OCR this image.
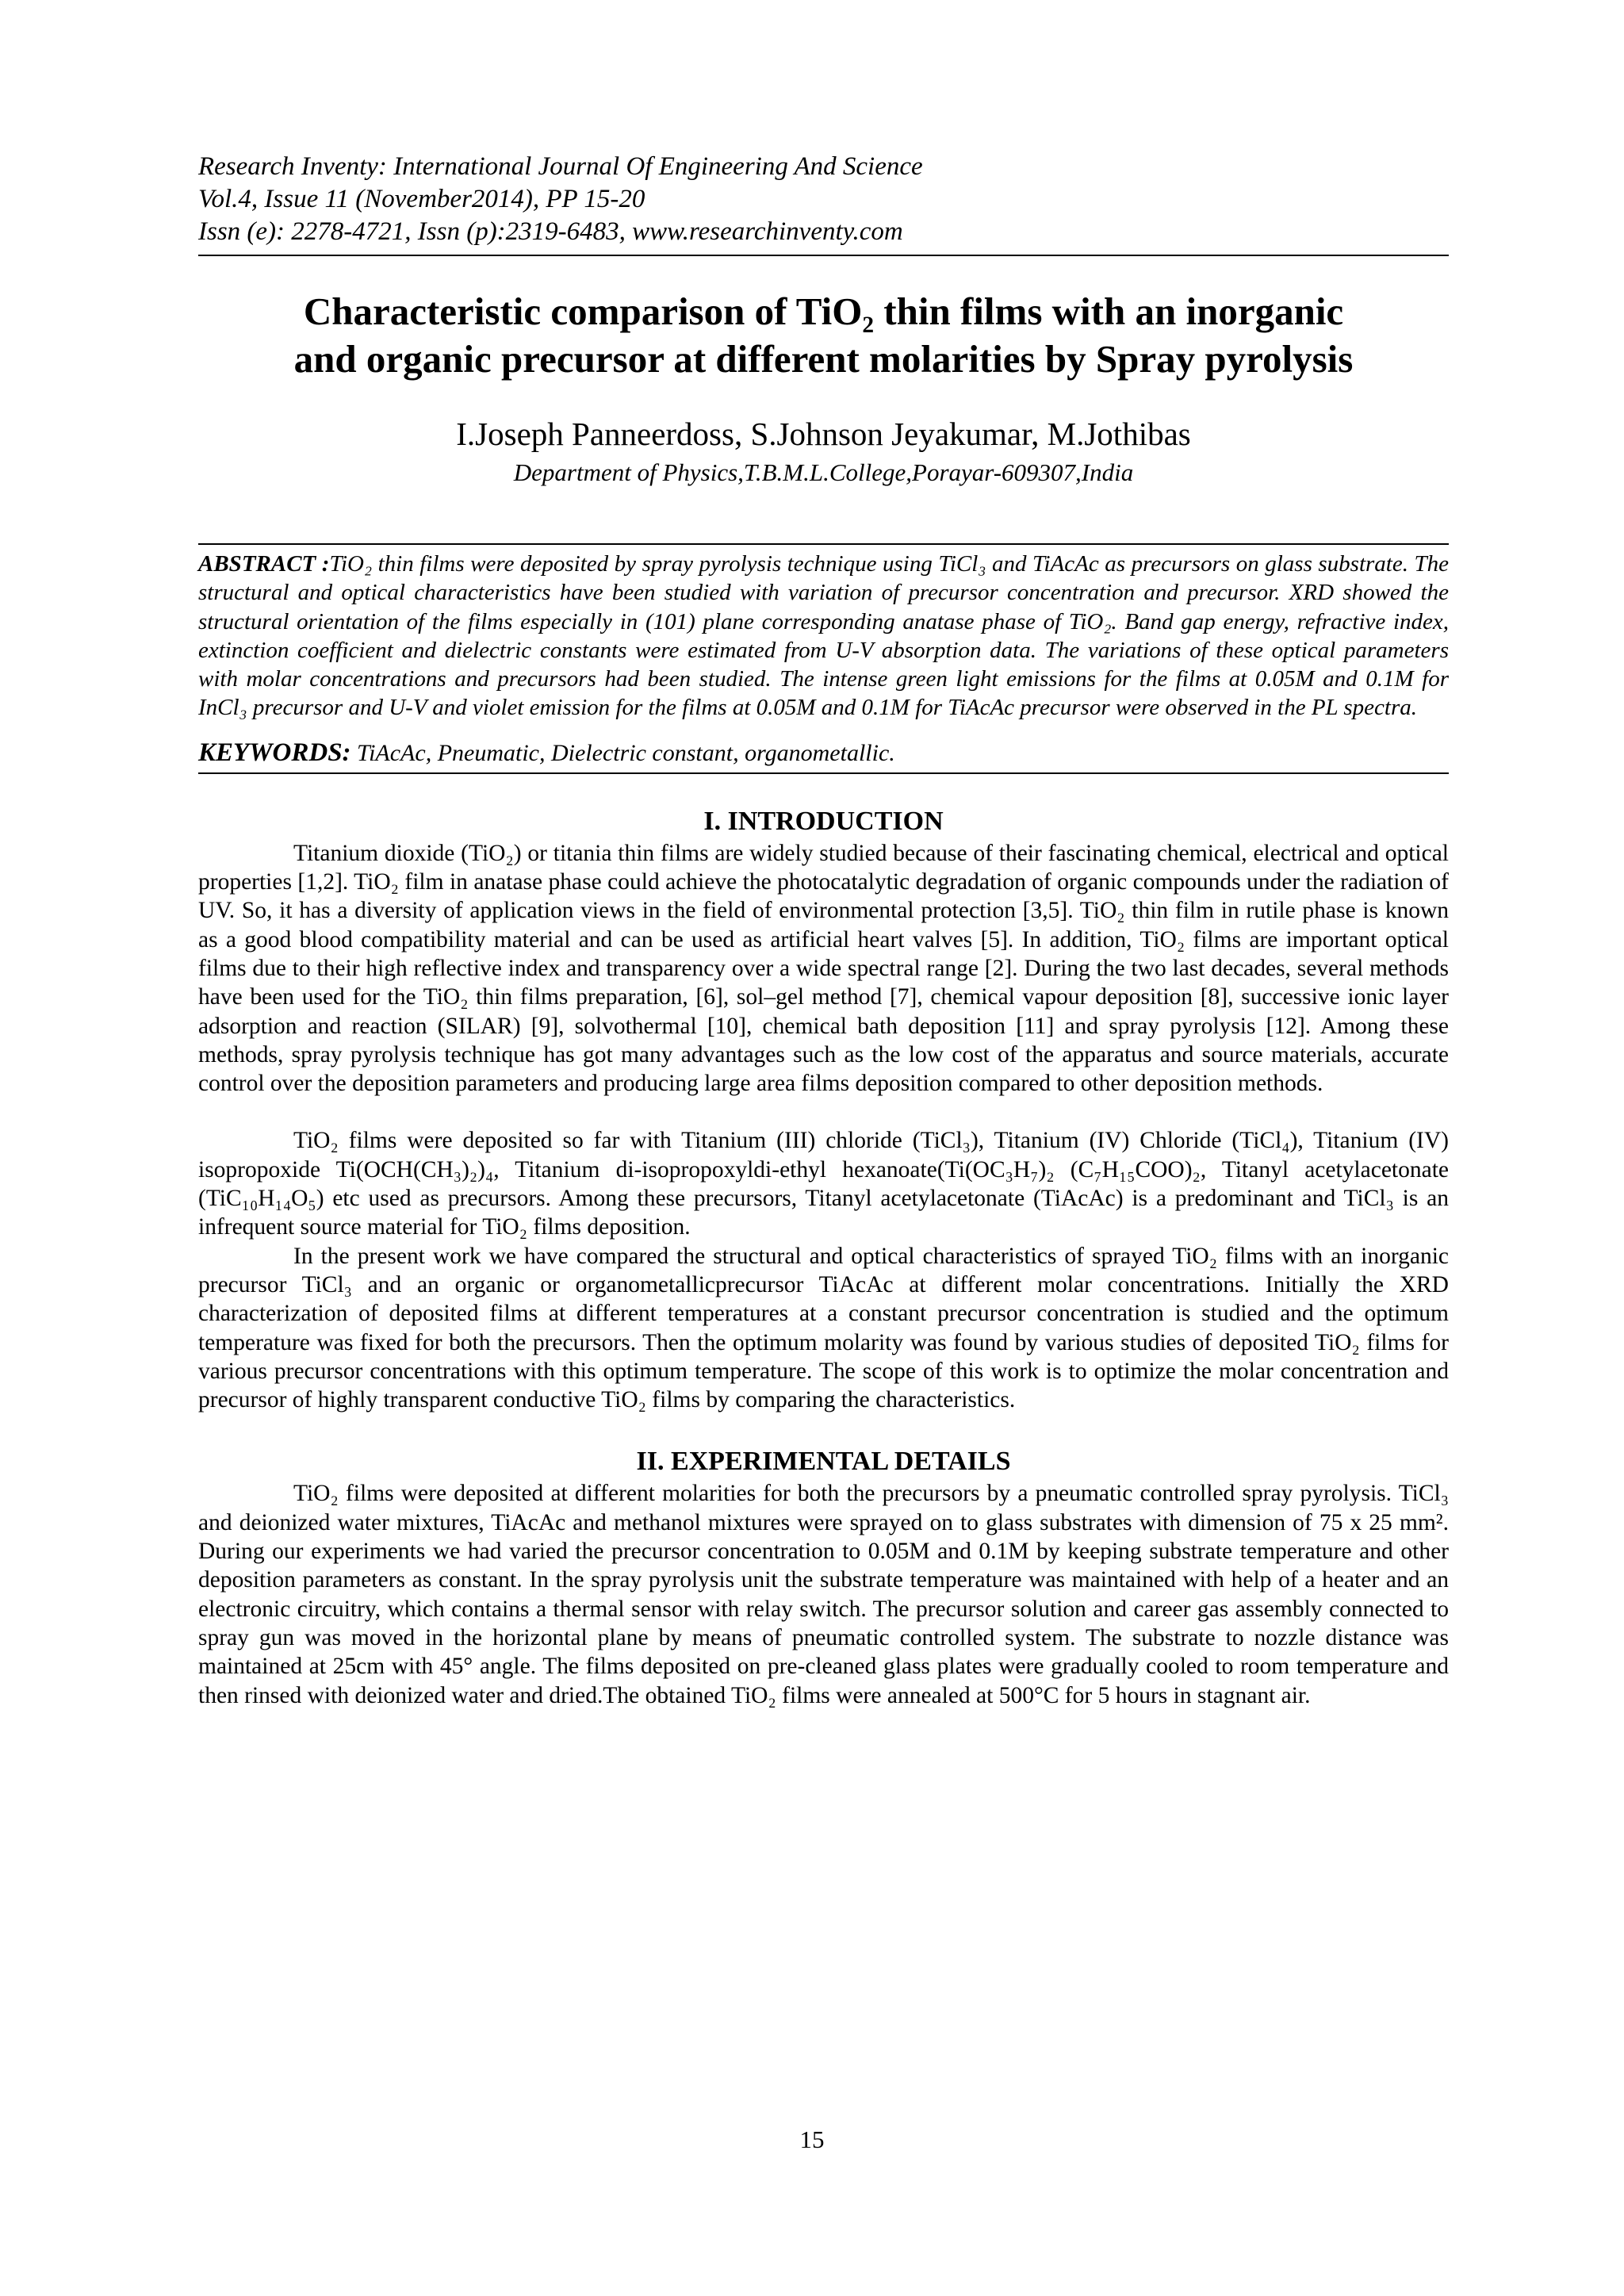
Research Inventy: International Journal Of Engineering And Science
Vol.4, Issue 11 (November2014), PP 15-20
Issn (e): 2278-4721, Issn (p):2319-6483, www.researchinventy.com
Characteristic comparison of TiO₂ thin films with an inorganic
and organic precursor at different molarities by Spray pyrolysis
I.Joseph Panneerdoss, S.Johnson Jeyakumar, M.Jothibas
Department of Physics,T.B.M.L.College,Porayar-609307,India
ABSTRACT :TiO₂ thin films were deposited by spray pyrolysis technique using TiCl₃ and TiAcAc as precursors on glass substrate. The structural and optical characteristics have been studied with variation of precursor concentration and precursor. XRD showed the structural orientation of the films especially in (101) plane corresponding anatase phase of TiO₂. Band gap energy, refractive index, extinction coefficient and dielectric constants were estimated from U-V absorption data. The variations of these optical parameters with molar concentrations and precursors had been studied. The intense green light emissions for the films at 0.05M and 0.1M for InCl₃ precursor and U-V and violet emission for the films at 0.05M and 0.1M for TiAcAc precursor were observed in the PL spectra.
KEYWORDS: TiAcAc, Pneumatic, Dielectric constant, organometallic.
I. INTRODUCTION

Titanium dioxide (TiO₂) or titania thin films are widely studied because of their fascinating chemical, electrical and optical properties [1,2]. TiO₂ film in anatase phase could achieve the photocatalytic degradation of organic compounds under the radiation of UV. So, it has a diversity of application views in the field of environmental protection [3,5]. TiO₂ thin film in rutile phase is known as a good blood compatibility material and can be used as artificial heart valves [5]. In addition, TiO₂ films are important optical films due to their high reflective index and transparency over a wide spectral range [2]. During the two last decades, several methods have been used for the TiO₂ thin films preparation, [6], sol–gel method [7], chemical vapour deposition [8], successive ionic layer adsorption and reaction (SILAR) [9], solvothermal [10], chemical bath deposition [11] and spray pyrolysis [12]. Among these methods, spray pyrolysis technique has got many advantages such as the low cost of the apparatus and source materials, accurate control over the deposition parameters and producing large area films deposition compared to other deposition methods.

TiO₂ films were deposited so far with Titanium (III) chloride (TiCl₃), Titanium (IV) Chloride (TiCl₄), Titanium (IV) isopropoxide Ti(OCH(CH₃)₂)₄, Titanium di-isopropoxyldi-ethyl hexanoate(Ti(OC₃H₇)₂ (C₇H₁₅COO)₂, Titanyl acetylacetonate (TiC₁₀H₁₄O₅) etc used as precursors. Among these precursors, Titanyl acetylacetonate (TiAcAc) is a predominant and TiCl₃ is an infrequent source material for TiO₂ films deposition.

In the present work we have compared the structural and optical characteristics of sprayed TiO₂ films with an inorganic precursor TiCl₃ and an organic or organometallicprecursor TiAcAc at different molar concentrations. Initially the XRD characterization of deposited films at different temperatures at a constant precursor concentration is studied and the optimum temperature was fixed for both the precursors. Then the optimum molarity was found by various studies of deposited TiO₂ films for various precursor concentrations with this optimum temperature. The scope of this work is to optimize the molar concentration and precursor of highly transparent conductive TiO₂ films by comparing the characteristics.

II. EXPERIMENTAL DETAILS

TiO₂ films were deposited at different molarities for both the precursors by a pneumatic controlled spray pyrolysis. TiCl₃ and deionized water mixtures, TiAcAc and methanol mixtures were sprayed on to glass substrates with dimension of 75 x 25 mm². During our experiments we had varied the precursor concentration to 0.05M and 0.1M by keeping substrate temperature and other deposition parameters as constant. In the spray pyrolysis unit the substrate temperature was maintained with help of a heater and an electronic circuitry, which contains a thermal sensor with relay switch. The precursor solution and career gas assembly connected to spray gun was moved in the horizontal plane by means of pneumatic controlled system. The substrate to nozzle distance was maintained at 25cm with 45° angle. The films deposited on pre-cleaned glass plates were gradually cooled to room temperature and then rinsed with deionized water and dried.The obtained TiO₂ films were annealed at 500°C for 5 hours in stagnant air.

15
